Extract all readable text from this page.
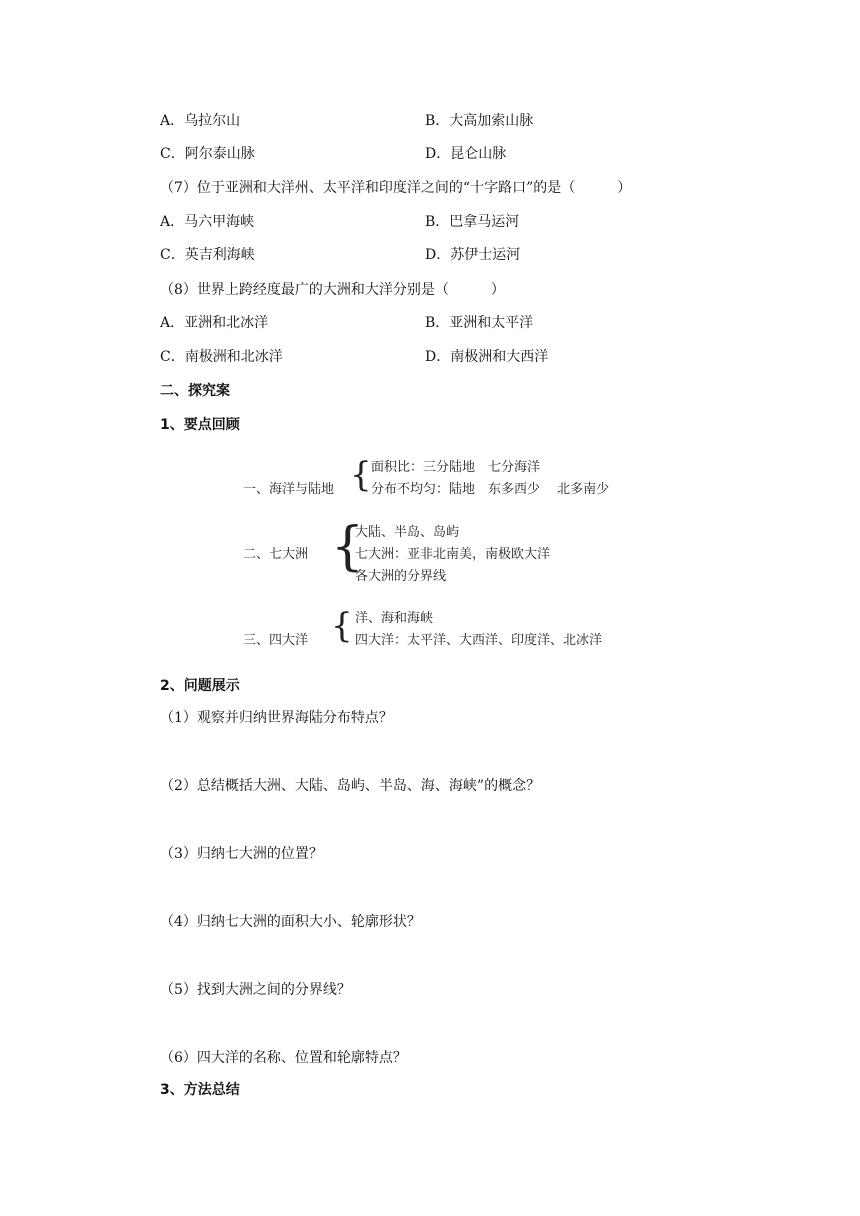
A．乌拉尔山	B．大高加索山脉
C．阿尔泰山脉	D．昆仑山脉
（7）位于亚洲和大洋州、太平洋和印度洋之间的“十字路口”的是（　　　）
A．马六甲海峡	B．巴拿马运河
C．英吉利海峡	D．苏伊士运河
（8）世界上跨经度最广的大洲和大洋分别是（　　　）
A．亚洲和北冰洋	B．亚洲和太平洋
C．南极洲和北冰洋	D．南极洲和大西洋
二、探究案
1、要点回顾
一、海洋与陆地 { 面积比：三分陆地　七分海洋
分布不均匀：陆地　东多西少　 北多南少
二、七大洲 {
大陆、半岛、岛屿
七大洲：亚非北南美，南极欧大洋
各大洲的分界线
三、四大洋 { 洋、海和海峡
四大洋：太平洋、大西洋、印度洋、北冰洋
2、问题展示
（1）观察并归纳世界海陆分布特点？
（2）总结概括大洲、大陆、岛屿、半岛、海、海峡”的概念？
（3）归纳七大洲的位置？
（4）归纳七大洲的面积大小、轮廓形状？
（5）找到大洲之间的分界线？
（6）四大洋的名称、位置和轮廓特点？
3、方法总结
